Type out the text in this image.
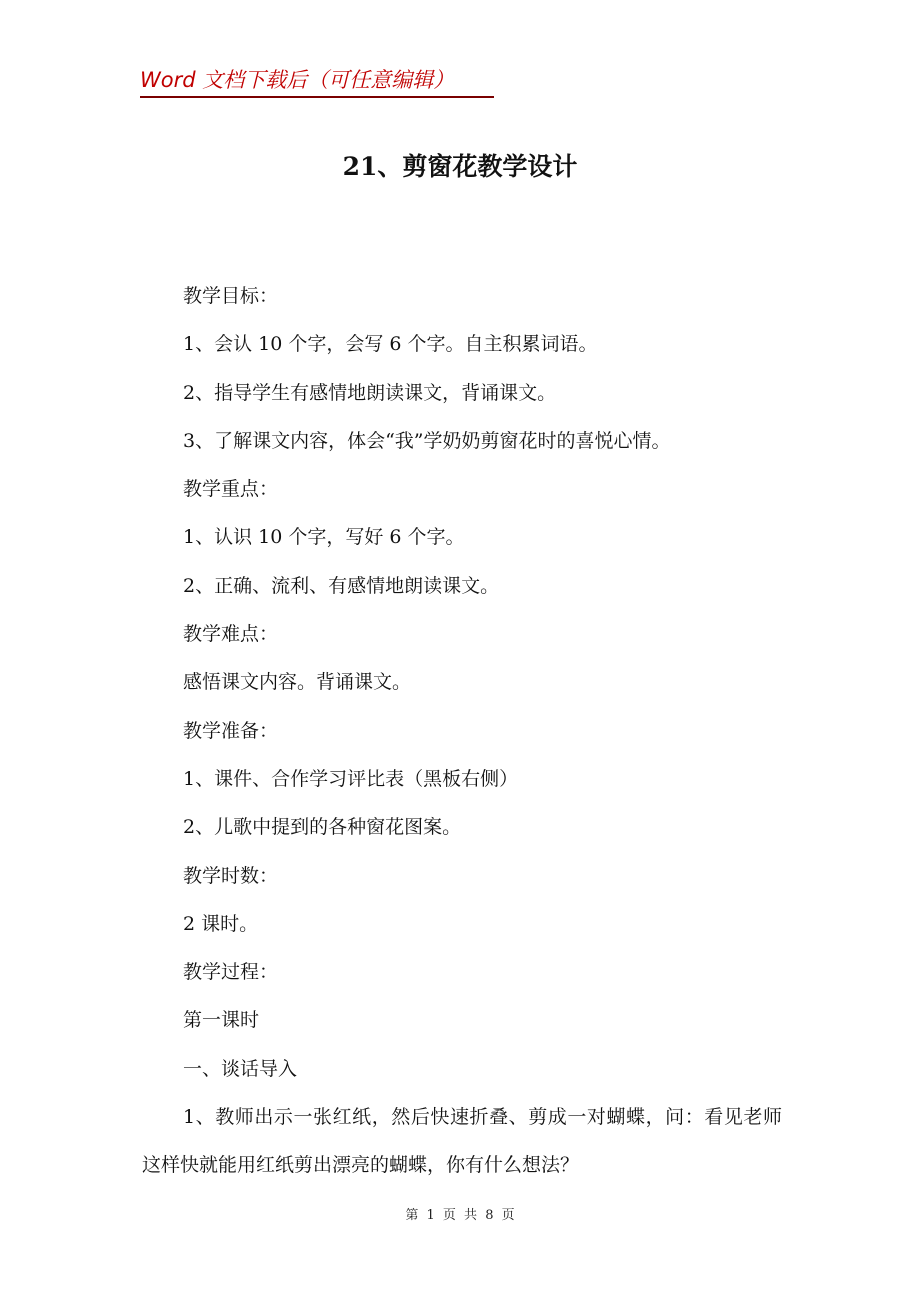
Word 文档下载后（可任意编辑）
21、剪窗花教学设计

教学目标：

1、会认 10 个字，会写 6 个字。自主积累词语。

2、指导学生有感情地朗读课文，背诵课文。

3、了解课文内容，体会“我”学奶奶剪窗花时的喜悦心情。

教学重点：

1、认识 10 个字，写好 6 个字。

2、正确、流利、有感情地朗读课文。

教学难点：

感悟课文内容。背诵课文。

教学准备：

1、课件、合作学习评比表（黑板右侧）

2、儿歌中提到的各种窗花图案。

教学时数：

2 课时。

教学过程：

第一课时

一、谈话导入

1、教师出示一张红纸，然后快速折叠、剪成一对蝴蝶，问：看见老师这样快就能用红纸剪出漂亮的蝴蝶，你有什么想法？

第 1 页 共 8 页
